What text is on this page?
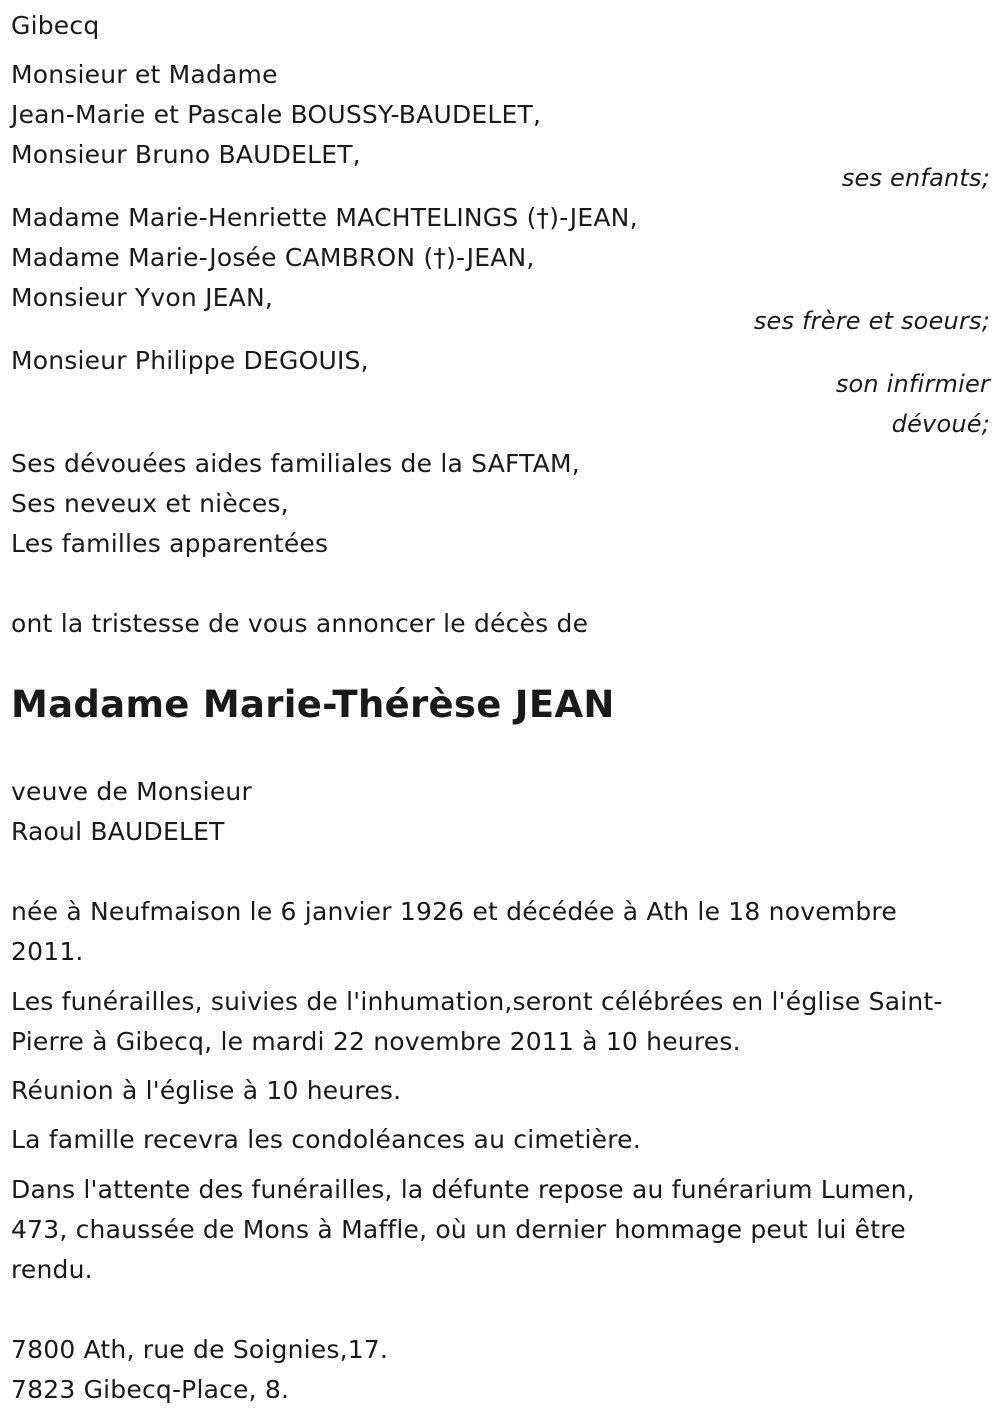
Gibecq
Monsieur et Madame
Jean-Marie et Pascale BOUSSY-BAUDELET,
Monsieur Bruno BAUDELET,
ses enfants;
Madame Marie-Henriette MACHTELINGS (†)-JEAN,
Madame Marie-Josée CAMBRON (†)-JEAN,
Monsieur Yvon JEAN,
ses frère et soeurs;
Monsieur Philippe DEGOUIS,
son infirmier
dévoué;
Ses dévouées aides familiales de la SAFTAM,
Ses neveux et nièces,
Les familles apparentées
ont la tristesse de vous annoncer le décès de
Madame Marie-Thérèse JEAN
veuve de Monsieur
Raoul BAUDELET
née à Neufmaison le 6 janvier 1926 et décédée à Ath le 18 novembre 2011.
Les funérailles, suivies de l'inhumation,seront célébrées en l'église Saint-Pierre à Gibecq, le mardi 22 novembre 2011 à 10 heures.
Réunion à l'église à 10 heures.
La famille recevra les condoléances au cimetière.
Dans l'attente des funérailles, la défunte repose au funérarium Lumen, 473, chaussée de Mons à Maffle, où un dernier hommage peut lui être rendu.
7800 Ath, rue de Soignies,17.
7823 Gibecq-Place, 8.
